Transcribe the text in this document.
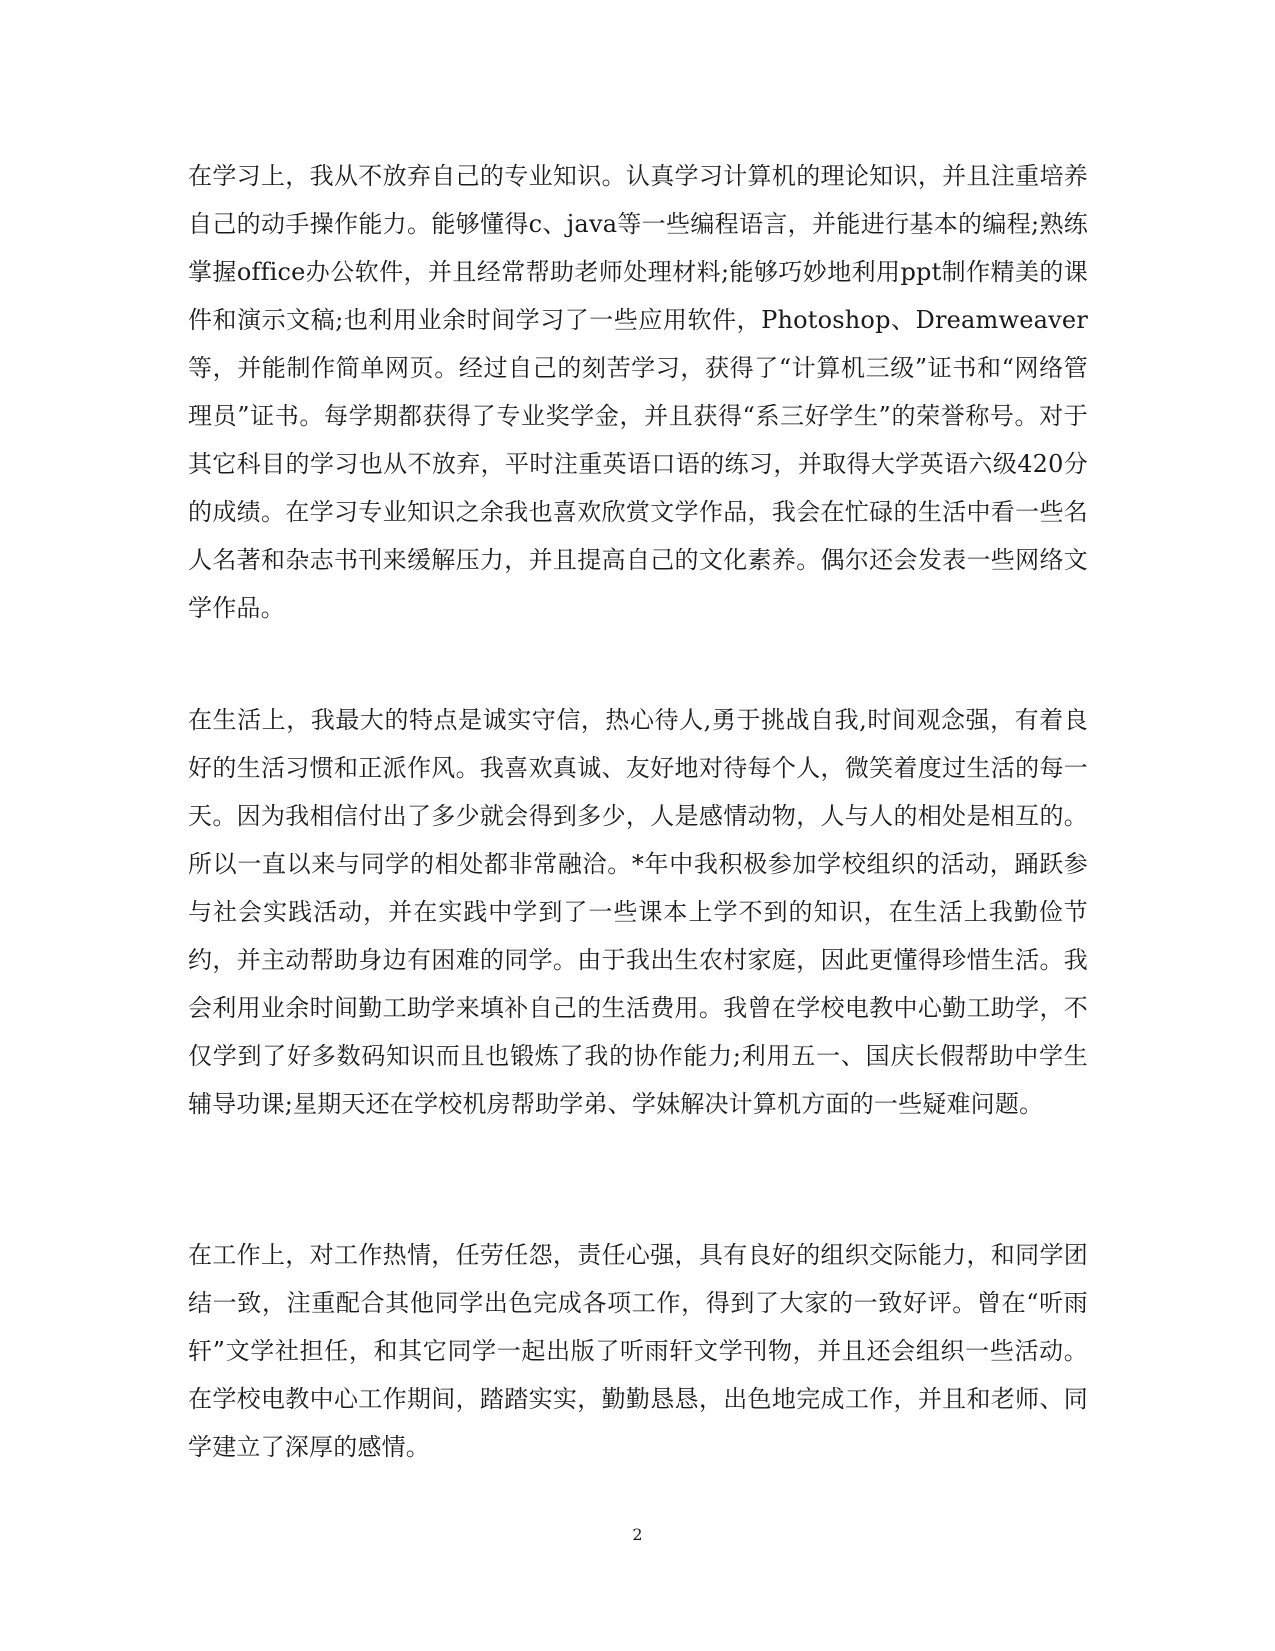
在学习上，我从不放弃自己的专业知识。认真学习计算机的理论知识，并且注重培养自己的动手操作能力。能够懂得c、java等一些编程语言，并能进行基本的编程;熟练掌握office办公软件，并且经常帮助老师处理材料;能够巧妙地利用ppt制作精美的课件和演示文稿;也利用业余时间学习了一些应用软件，Photoshop、Dreamweaver等，并能制作简单网页。经过自己的刻苦学习，获得了“计算机三级”证书和“网络管理员”证书。每学期都获得了专业奖学金，并且获得“系三好学生”的荣誉称号。对于其它科目的学习也从不放弃，平时注重英语口语的练习，并取得大学英语六级420分的成绩。在学习专业知识之余我也喜欢欣赏文学作品，我会在忙碌的生活中看一些名人名著和杂志书刊来缓解压力，并且提高自己的文化素养。偶尔还会发表一些网络文学作品。

在生活上，我最大的特点是诚实守信，热心待人,勇于挑战自我,时间观念强，有着良好的生活习惯和正派作风。我喜欢真诚、友好地对待每个人，微笑着度过生活的每一天。因为我相信付出了多少就会得到多少，人是感情动物，人与人的相处是相互的。所以一直以来与同学的相处都非常融洽。*年中我积极参加学校组织的活动，踊跃参与社会实践活动，并在实践中学到了一些课本上学不到的知识，在生活上我勤俭节约，并主动帮助身边有困难的同学。由于我出生农村家庭，因此更懂得珍惜生活。我会利用业余时间勤工助学来填补自己的生活费用。我曾在学校电教中心勤工助学，不仅学到了好多数码知识而且也锻炼了我的协作能力;利用五一、国庆长假帮助中学生辅导功课;星期天还在学校机房帮助学弟、学妹解决计算机方面的一些疑难问题。

在工作上，对工作热情，任劳任怨，责任心强，具有良好的组织交际能力，和同学团结一致，注重配合其他同学出色完成各项工作，得到了大家的一致好评。曾在“听雨轩”文学社担任，和其它同学一起出版了听雨轩文学刊物，并且还会组织一些活动。在学校电教中心工作期间，踏踏实实，勤勤恳恳，出色地完成工作，并且和老师、同学建立了深厚的感情。

2
